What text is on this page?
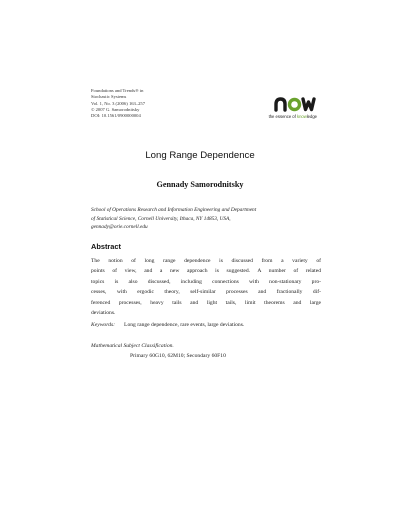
Foundations and Trends® in
Stochastic Systems
Vol. 1, No. 3 (2006) 163–257
© 2007 G. Samorodnitsky
DOI: 10.1561/0900000004	the essence of knowledge
Long Range Dependence
Gennady Samorodnitsky
School of Operations Research and Information Engineering and Department
of Statistical Science, Cornell University, Ithaca, NY 14853, USA,
gennady@orie.cornell.edu
Abstract
The notion of long range dependence is discussed from a variety of
points of view, and a new approach is suggested. A number of related
topics is also discussed, including connections with non-stationary pro-
cesses, with ergodic theory, self-similar processes and fractionally dif-
ferenced processes, heavy tails and light tails, limit theorems and large
deviations.
Keywords: Long range dependence, rare events, large deviations.
Mathematical Subject Classification.
Primary 60G10, 62M10; Secondary 60F10
